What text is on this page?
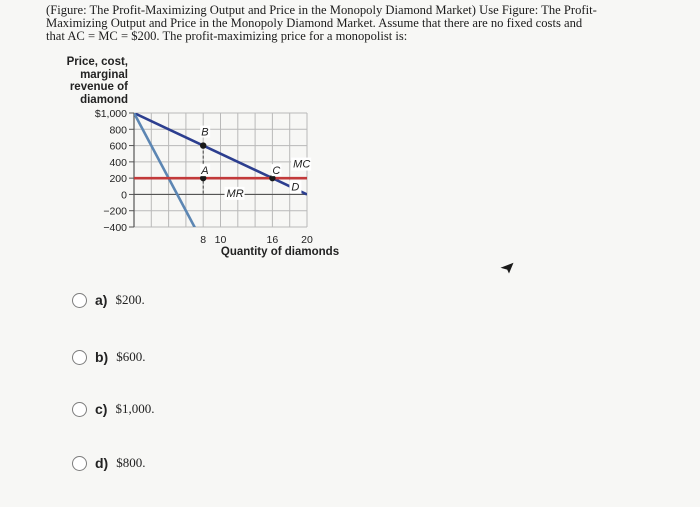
(Figure: The Profit-Maximizing Output and Price in the Monopoly Diamond Market) Use Figure: The Profit-
Maximizing Output and Price in the Monopoly Diamond Market. Assume that there are no fixed costs and
that AC = MC = $200. The profit-maximizing price for a monopolist is:
Price, cost,
marginal
revenue of
diamond
$1,000
800
600
400
200
0
−200
−400
D
MR
MC
B
A	C
8 10	16 20
Quantity of diamonds
a) $200.
b) $600.
c) $1,000.
d) $800.
